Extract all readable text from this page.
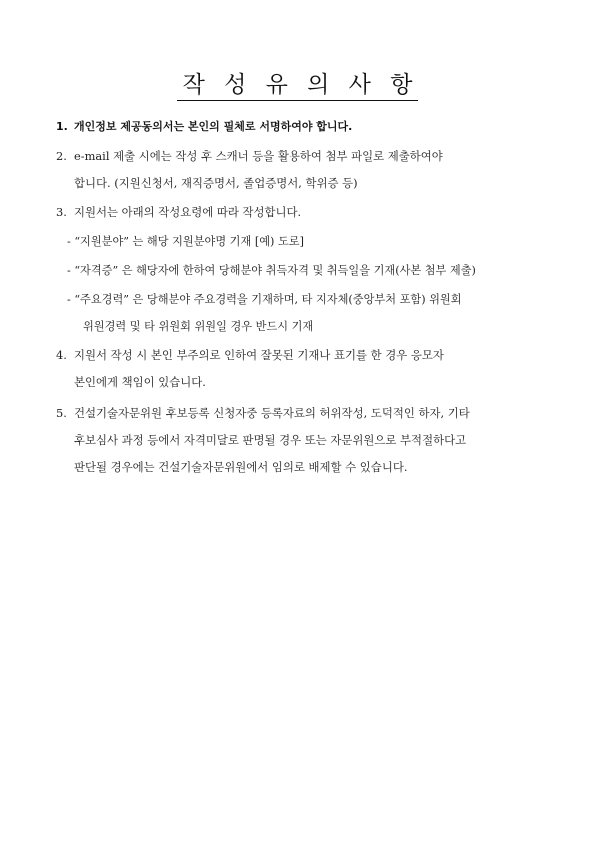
작 성 유 의 사 항
1. 개인정보 제공동의서는 본인의 필체로 서명하여야 합니다.
2. e-mail 제출 시에는 작성 후 스캐너 등을 활용하여 첨부 파일로 제출하여야
합니다. (지원신청서, 재직증명서, 졸업증명서, 학위증 등)
3. 지원서는 아래의 작성요령에 따라 작성합니다.
- “지원분야” 는 해당 지원분야명 기재 [예) 도로]
- “자격증” 은 해당자에 한하여 당해분야 취득자격 및 취득일을 기재(사본 첨부 제출)
- “주요경력” 은 당해분야 주요경력을 기재하며, 타 지자체(중앙부처 포함) 위원회
위원경력 및 타 위원회 위원일 경우 반드시 기재
4. 지원서 작성 시 본인 부주의로 인하여 잘못된 기재나 표기를 한 경우 응모자
본인에게 책임이 있습니다.
5. 건설기술자문위원 후보등록 신청자중 등록자료의 허위작성, 도덕적인 하자, 기타
후보심사 과정 등에서 자격미달로 판명될 경우 또는 자문위원으로 부적절하다고
판단될 경우에는 건설기술자문위원에서 임의로 배제할 수 있습니다.
